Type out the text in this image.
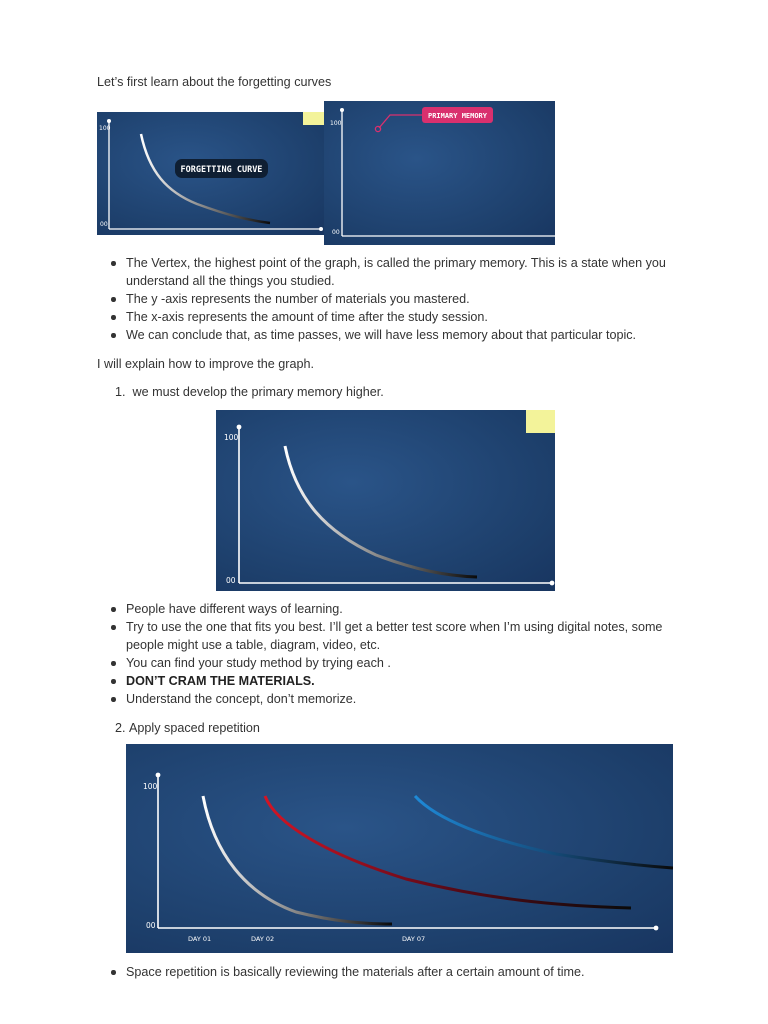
Let’s first learn about the forgetting curves
100
00
FORGETTING CURVE
100
00
PRIMARY MEMORY
The Vertex, the highest point of the graph, is called the primary memory. This is a state when you understand all the things you studied.
The y -axis represents the number of materials you mastered.
The x-axis represents the amount of time after the study session.
We can conclude that, as time passes, we will have less memory about that particular topic.
I will explain how to improve the graph.
1. we must develop the primary memory higher.
100
00
People have different ways of learning.
Try to use the one that fits you best. I’ll get a better test score when I’m using digital notes, some people might use a table, diagram, video, etc.
You can find your study method by trying each .
DON’T CRAM THE MATERIALS.
Understand the concept, don’t memorize.
2. Apply spaced repetition
100
00
DAY 01	DAY 02	DAY 07
Space repetition is basically reviewing the materials after a certain amount of time.
